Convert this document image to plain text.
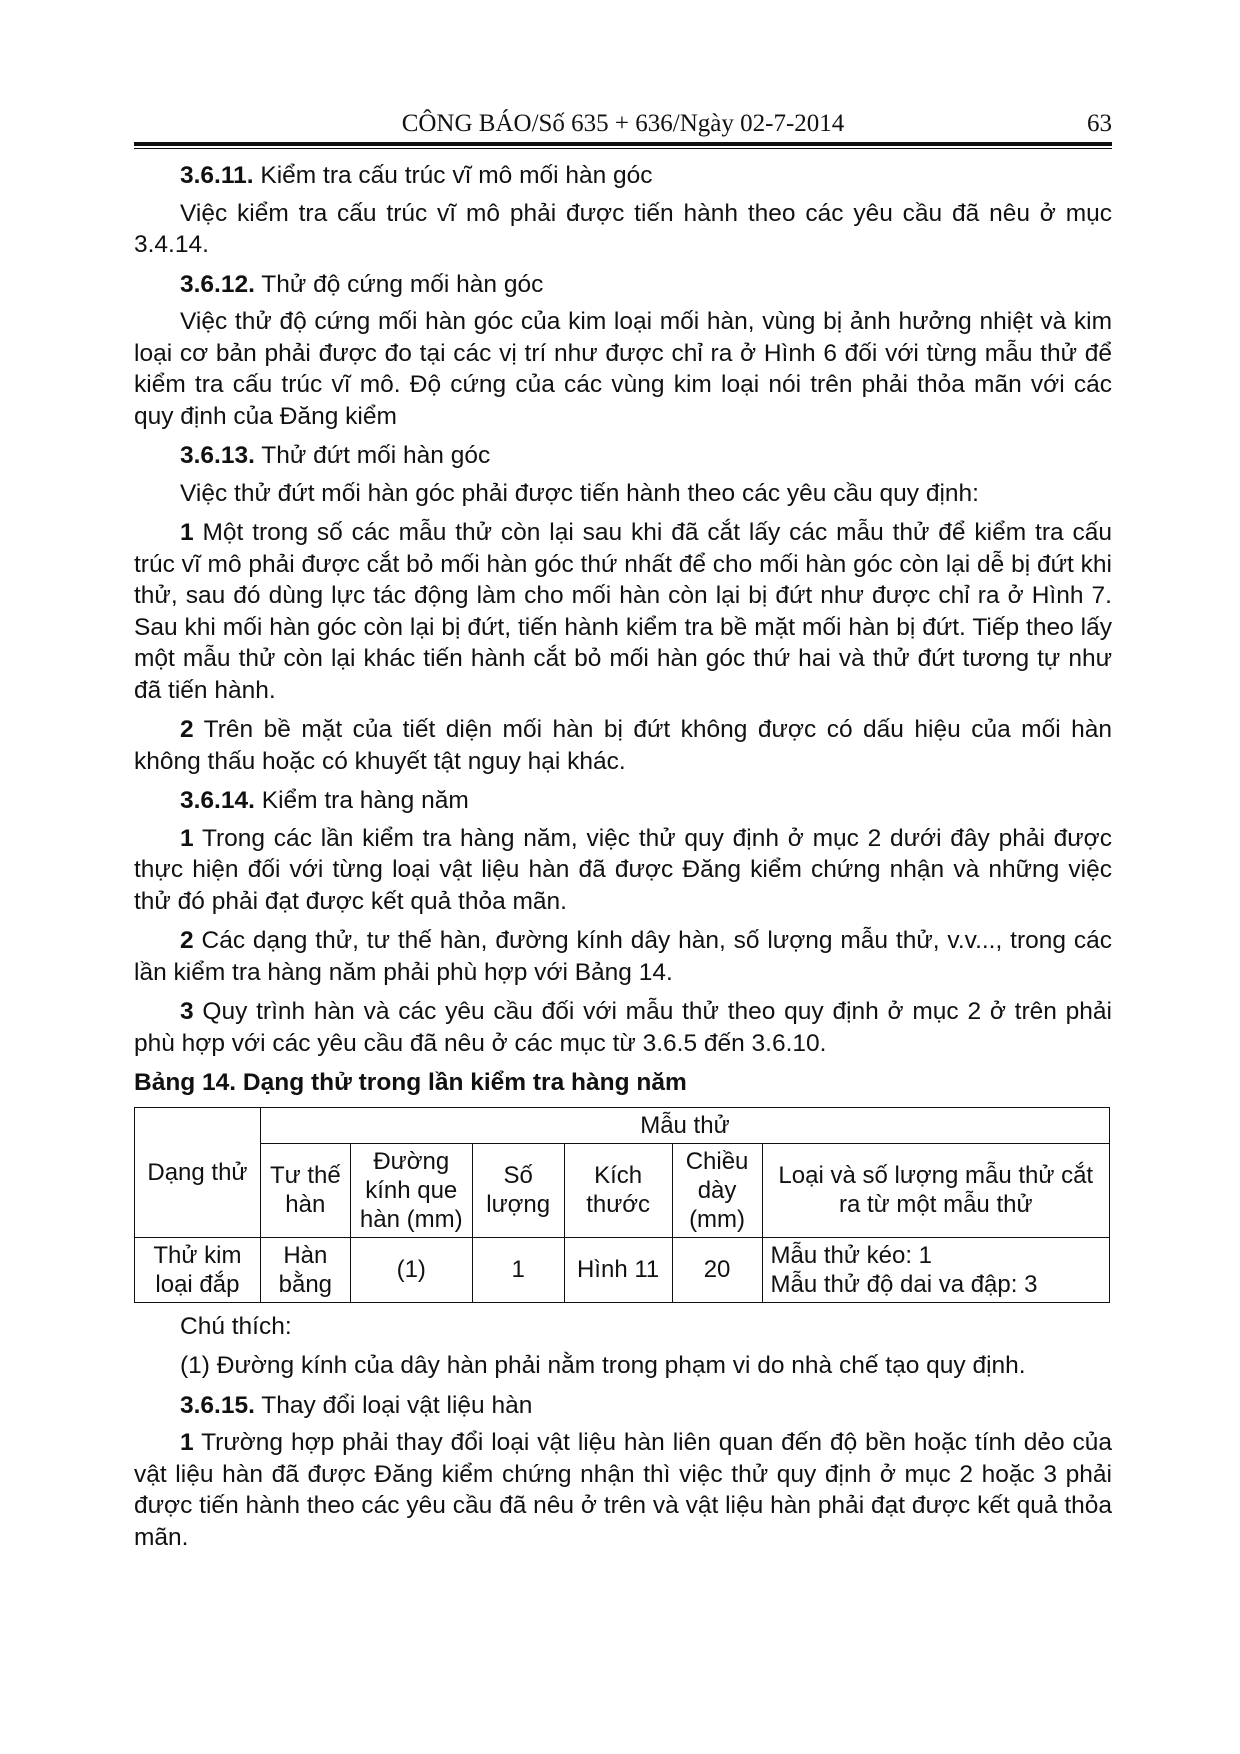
CÔNG BÁO/Số 635 + 636/Ngày 02-7-2014	63

3.6.11. Kiểm tra cấu trúc vĩ mô mối hàn góc

Việc kiểm tra cấu trúc vĩ mô phải được tiến hành theo các yêu cầu đã nêu ở mục 3.4.14.

3.6.12. Thử độ cứng mối hàn góc

Việc thử độ cứng mối hàn góc của kim loại mối hàn, vùng bị ảnh hưởng nhiệt và kim loại cơ bản phải được đo tại các vị trí như được chỉ ra ở Hình 6 đối với từng mẫu thử để kiểm tra cấu trúc vĩ mô. Độ cứng của các vùng kim loại nói trên phải thỏa mãn với các quy định của Đăng kiểm

3.6.13. Thử đứt mối hàn góc

Việc thử đứt mối hàn góc phải được tiến hành theo các yêu cầu quy định:

1 Một trong số các mẫu thử còn lại sau khi đã cắt lấy các mẫu thử để kiểm tra cấu trúc vĩ mô phải được cắt bỏ mối hàn góc thứ nhất để cho mối hàn góc còn lại dễ bị đứt khi thử, sau đó dùng lực tác động làm cho mối hàn còn lại bị đứt như được chỉ ra ở Hình 7. Sau khi mối hàn góc còn lại bị đứt, tiến hành kiểm tra bề mặt mối hàn bị đứt. Tiếp theo lấy một mẫu thử còn lại khác tiến hành cắt bỏ mối hàn góc thứ hai và thử đứt tương tự như đã tiến hành.

2 Trên bề mặt của tiết diện mối hàn bị đứt không được có dấu hiệu của mối hàn không thấu hoặc có khuyết tật nguy hại khác.

3.6.14. Kiểm tra hàng năm

1 Trong các lần kiểm tra hàng năm, việc thử quy định ở mục 2 dưới đây phải được thực hiện đối với từng loại vật liệu hàn đã được Đăng kiểm chứng nhận và những việc thử đó phải đạt được kết quả thỏa mãn.

2 Các dạng thử, tư thế hàn, đường kính dây hàn, số lượng mẫu thử, v.v..., trong các lần kiểm tra hàng năm phải phù hợp với Bảng 14.

3 Quy trình hàn và các yêu cầu đối với mẫu thử theo quy định ở mục 2 ở trên phải phù hợp với các yêu cầu đã nêu ở các mục từ 3.6.5 đến 3.6.10.

Bảng 14. Dạng thử trong lần kiểm tra hàng năm

Dạng thử	Mẫu thử					
	Tư thế hàn	Đường kính que hàn (mm)	Số lượng	Kích thước	Chiều dày (mm)	Loại và số lượng mẫu thử cắt ra từ một mẫu thử
Thử kim loại đắp	Hàn bằng	(1)	1	Hình 11	20	Mẫu thử kéo: 1
Mẫu thử độ dai va đập: 3

Chú thích:

(1) Đường kính của dây hàn phải nằm trong phạm vi do nhà chế tạo quy định.

3.6.15. Thay đổi loại vật liệu hàn

1 Trường hợp phải thay đổi loại vật liệu hàn liên quan đến độ bền hoặc tính dẻo của vật liệu hàn đã được Đăng kiểm chứng nhận thì việc thử quy định ở mục 2 hoặc 3 phải được tiến hành theo các yêu cầu đã nêu ở trên và vật liệu hàn phải đạt được kết quả thỏa mãn.
